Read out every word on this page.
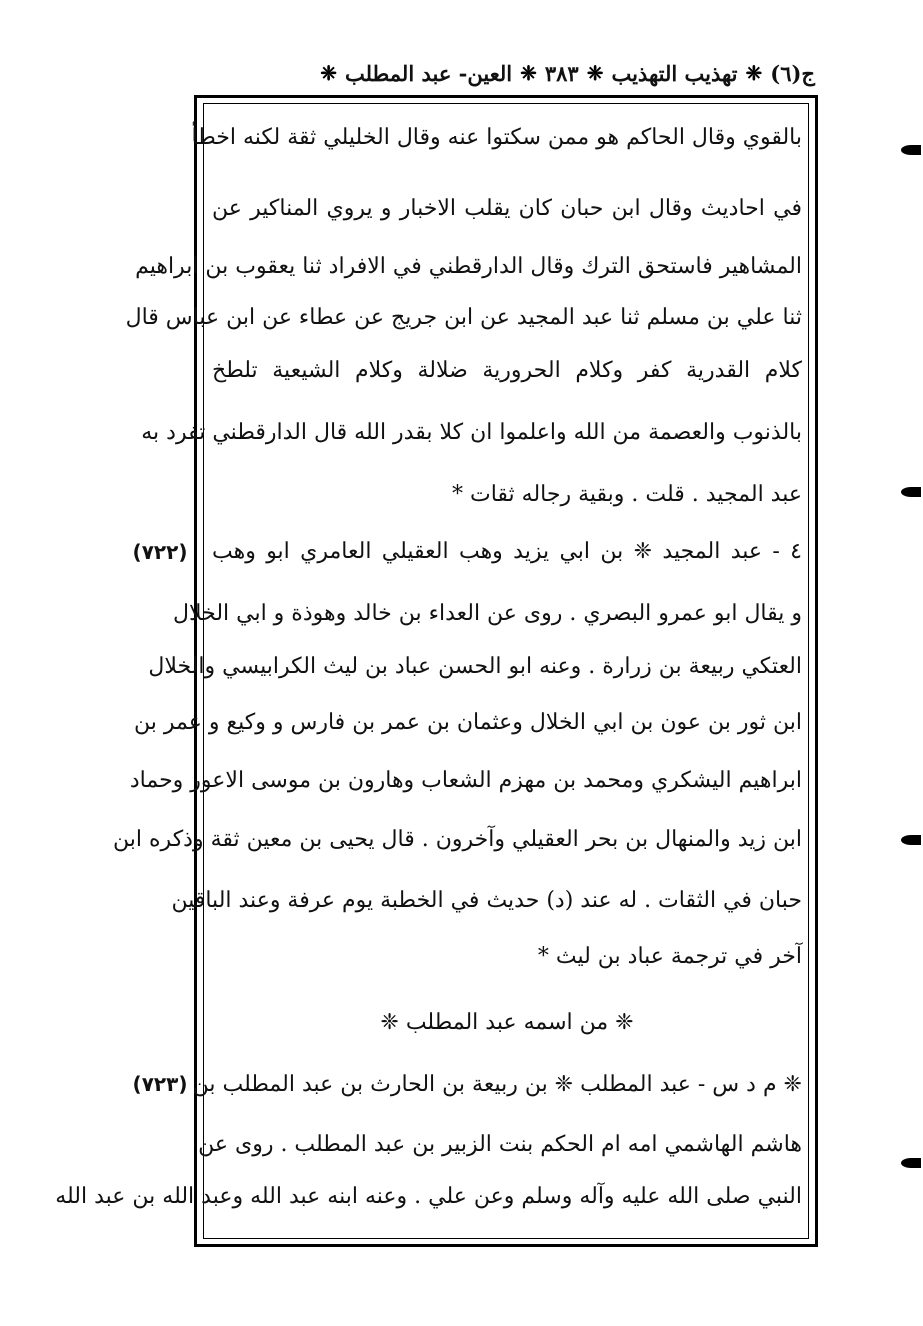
ج(٦)
❈
تهذيب التهذيب
❈
٣٨٣
❈
العين- عبد المطلب
❈
بالقوي وقال الحاكم هو ممن سكتوا عنه وقال الخليلي ثقة لكنه اخطأ
في احاديث وقال ابن حبان كان يقلب الاخبار و يروي المناكير عن
المشاهير فاستحق الترك وقال الدارقطني في الافراد ثنا يعقوب بن ابراهيم
ثنا علي بن مسلم ثنا عبد المجيد عن ابن جريج عن عطاء عن ابن عباس قال
كلام القدرية كفر وكلام الحرورية ضلالة وكلام الشيعية تلطخ
بالذنوب والعصمة من الله واعلموا ان كلا بقدر الله قال الدارقطني تفرد به
عبد المجيد . قلت . وبقية رجاله ثقات *
(٧٢٢) ٤ - عبد المجيد ❈ بن ابي يزيد وهب العقيلي العامري ابو وهب
و يقال ابو عمرو البصري . روى عن العداء بن خالد وهوذة و ابي الخلال
العتكي ربيعة بن زرارة . وعنه ابو الحسن عباد بن ليث الكرابيسي والخلال
ابن ثور بن عون بن ابي الخلال وعثمان بن عمر بن فارس و وكيع و عمر بن
ابراهيم اليشكري ومحمد بن مهزم الشعاب وهارون بن موسى الاعور وحماد
ابن زيد والمنهال بن بحر العقيلي وآخرون . قال يحيى بن معين ثقة وذكره ابن
حبان في الثقات . له عند (د) حديث في الخطبة يوم عرفة وعند الباقين
آخر في ترجمة عباد بن ليث *
❈ من اسمه عبد المطلب ❈
(٧٢٣) ❈ م د س - عبد المطلب ❈ بن ربيعة بن الحارث بن عبد المطلب بن
هاشم الهاشمي امه ام الحكم بنت الزبير بن عبد المطلب . روى عن
النبي صلى الله عليه وآله وسلم وعن علي . وعنه ابنه عبد الله وعبد الله بن عبد الله
